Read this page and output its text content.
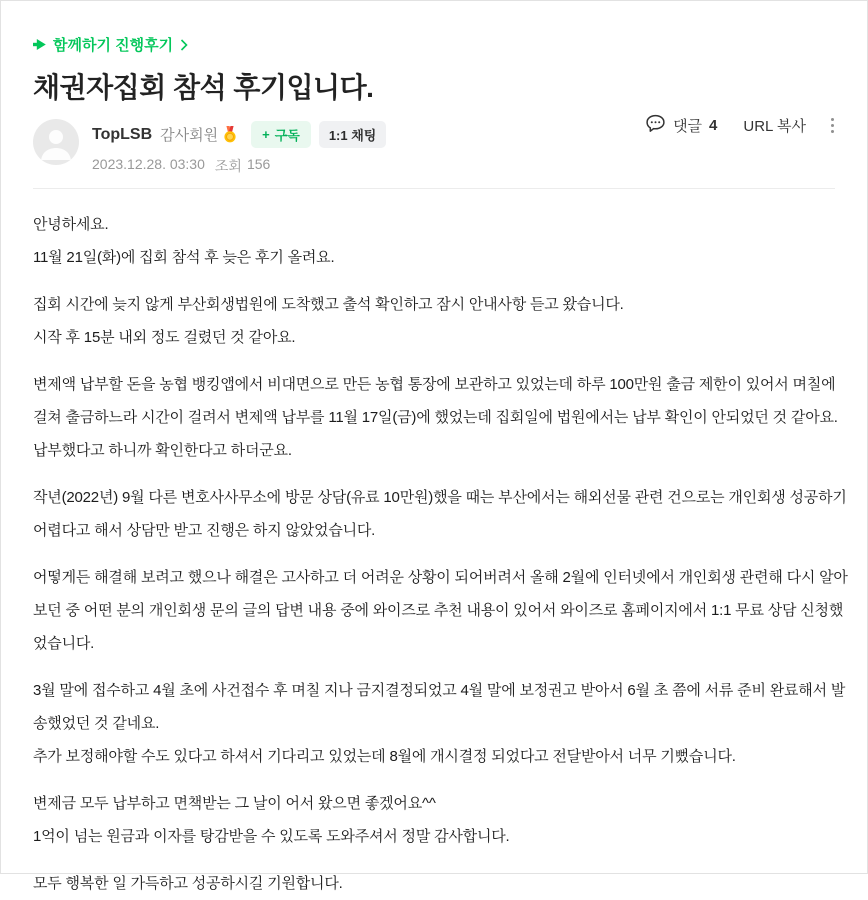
함께하기 진행후기
채권자집회 참석 후기입니다.
TopLSB 감사회원	+ 구독	1:1 채팅
2023.12.28. 03:30 조회 156
댓글 4 URL 복사
안녕하세요.
11월 21일(화)에 집회 참석 후 늦은 후기 올려요.
집회 시간에 늦지 않게 부산회생법원에 도착했고 출석 확인하고 잠시 안내사항 듣고 왔습니다.
시작 후 15분 내외 정도 걸렸던 것 같아요.
변제액 납부할 돈을 농협 뱅킹앱에서 비대면으로 만든 농협 통장에 보관하고 있었는데 하루 100만원 출금 제한이 있어서 며칠에
걸쳐 출금하느라 시간이 걸려서 변제액 납부를 11월 17일(금)에 했었는데 집회일에 법원에서는 납부 확인이 안되었던 것 같아요.
납부했다고 하니까 확인한다고 하더군요.
작년(2022년) 9월 다른 변호사사무소에 방문 상담(유료 10만원)했을 때는 부산에서는 해외선물 관련 건으로는 개인회생 성공하기
어렵다고 해서 상담만 받고 진행은 하지 않았었습니다.
어떻게든 해결해 보려고 했으나 해결은 고사하고 더 어려운 상황이 되어버려서 올해 2월에 인터넷에서 개인회생 관련해 다시 알아
보던 중 어떤 분의 개인회생 문의 글의 답변 내용 중에 와이즈로 추천 내용이 있어서 와이즈로 홈페이지에서 1:1 무료 상담 신청했
었습니다.
3월 말에 접수하고 4월 초에 사건접수 후 며칠 지나 금지결정되었고 4월 말에 보정권고 받아서 6월 초 쯤에 서류 준비 완료해서 발
송했었던 것 같네요.
추가 보정해야할 수도 있다고 하셔서 기다리고 있었는데 8월에 개시결정 되었다고 전달받아서 너무 기뻤습니다.
변제금 모두 납부하고 면책받는 그 날이 어서 왔으면 좋겠어요^^
1억이 넘는 원금과 이자를 탕감받을 수 있도록 도와주셔서 정말 감사합니다.
모두 행복한 일 가득하고 성공하시길 기원합니다.
